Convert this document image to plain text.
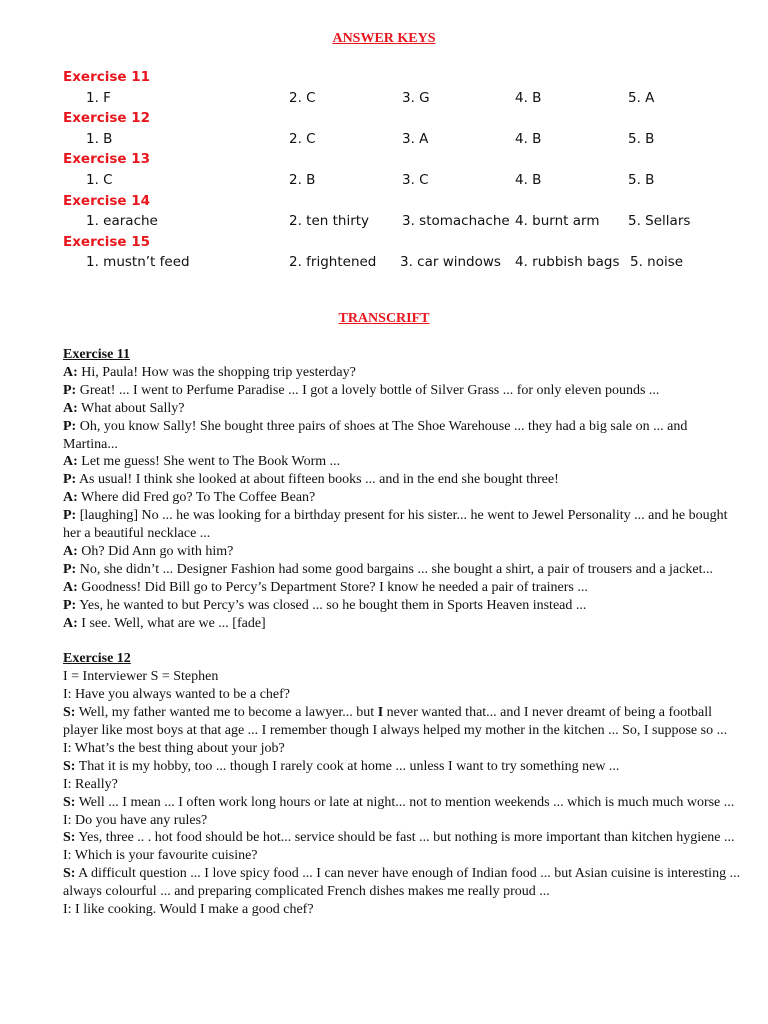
ANSWER KEYS
Exercise 11
1. F	2. C	3. G	4. B	5. A
Exercise 12
1. B	2. C	3. A	4. B	5. B
Exercise 13
1. C	2. B	3. C	4. B	5. B
Exercise 14
1. earache	2. ten thirty 3. stomachache 4. burnt arm 5. Sellars
Exercise 15
1. mustn’t feed	2. frightened 3. car windows 4. rubbish bags 5. noise
TRANSCRIFT

Exercise 11

A: Hi, Paula! How was the shopping trip yesterday?

P: Great! ... I went to Perfume Paradise ... I got a lovely bottle of Silver Grass ... for only eleven pounds ...

A: What about Sally?

P: Oh, you know Sally! She bought three pairs of shoes at The Shoe Warehouse ... they had a big sale on ... and Martina...

A: Let me guess! She went to The Book Worm ...

P: As usual! I think she looked at about fifteen books ... and in the end she bought three!

A: Where did Fred go? To The Coffee Bean?

P: [laughing] No ... he was looking for a birthday present for his sister... he went to Jewel Personality ... and he bought her a beautiful necklace ...

A: Oh? Did Ann go with him?

P: No, she didn’t ... Designer Fashion had some good bargains ... she bought a shirt, a pair of trousers and a jacket...

A: Goodness! Did Bill go to Percy’s Department Store? I know he needed a pair of trainers ...

P: Yes, he wanted to but Percy’s was closed ... so he bought them in Sports Heaven instead ...

A: I see. Well, what are we ... [fade]

Exercise 12

I = Interviewer S = Stephen

I: Have you always wanted to be a chef?

S: Well, my father wanted me to become a lawyer... but I never wanted that... and I never dreamt of being a football player like most boys at that age ... I remember though I always helped my mother in the kitchen ... So, I suppose so ...

I: What’s the best thing about your job?

S: That it is my hobby, too ... though I rarely cook at home ... unless I want to try something new ...

I: Really?

S: Well ... I mean ... I often work long hours or late at night... not to mention weekends ... which is much much worse ...

I: Do you have any rules?

S: Yes, three .. . hot food should be hot... service should be fast ... but nothing is more important than kitchen hygiene ...

I: Which is your favourite cuisine?

S: A difficult question ... I love spicy food ... I can never have enough of Indian food ... but Asian cuisine is interesting ... always colourful ... and preparing complicated French dishes makes me really proud ...

I: I like cooking. Would I make a good chef?
